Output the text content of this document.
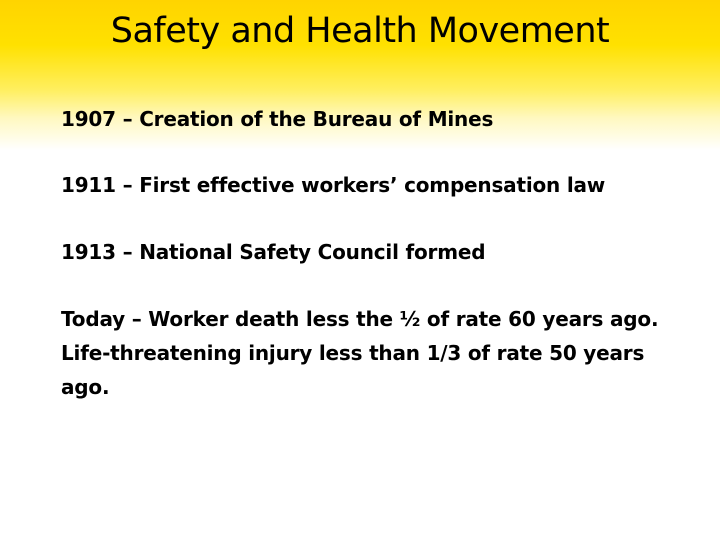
Safety and Health Movement

1907 – Creation of the Bureau of Mines

1911 – First effective workers’ compensation law

1913 – National Safety Council formed

Today – Worker death less the ½ of rate 60 years ago. Life-threatening injury less than 1/3 of rate 50 years ago.
